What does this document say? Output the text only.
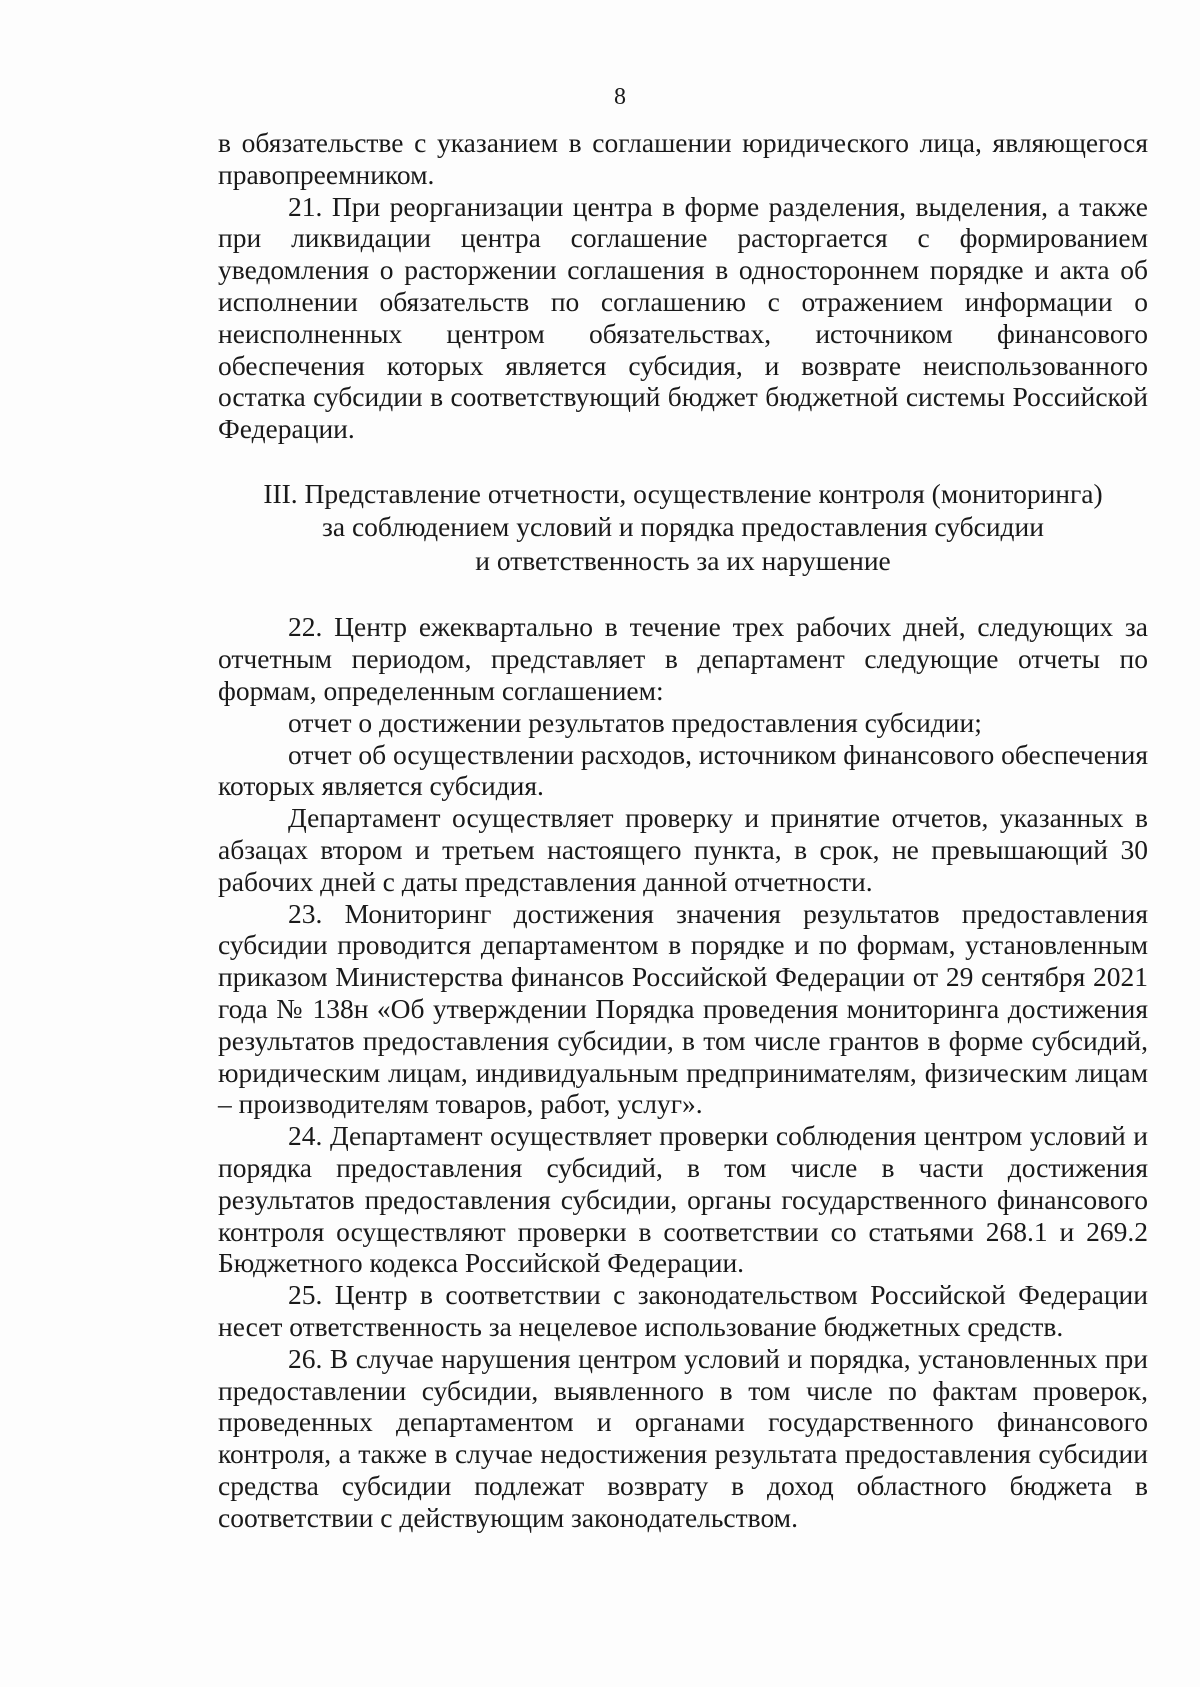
8

в обязательстве с указанием в соглашении юридического лица, являющегося правопреемником.

21. При реорганизации центра в форме разделения, выделения, а также при ликвидации центра соглашение расторгается с формированием уведомления о расторжении соглашения в одностороннем порядке и акта об исполнении обязательств по соглашению с отражением информации о неисполненных центром обязательствах, источником финансового обеспечения которых является субсидия, и возврате неиспользованного остатка субсидии в соответствующий бюджет бюджетной системы Российской Федерации.

III. Представление отчетности, осуществление контроля (мониторинга)
за соблюдением условий и порядка предоставления субсидии
и ответственность за их нарушение

22. Центр ежеквартально в течение трех рабочих дней, следующих за отчетным периодом, представляет в департамент следующие отчеты по формам, определенным соглашением:

отчет о достижении результатов предоставления субсидии;

отчет об осуществлении расходов, источником финансового обеспечения которых является субсидия.

Департамент осуществляет проверку и принятие отчетов, указанных в абзацах втором и третьем настоящего пункта, в срок, не превышающий 30 рабочих дней с даты представления данной отчетности.

23. Мониторинг достижения значения результатов предоставления субсидии проводится департаментом в порядке и по формам, установленным приказом Министерства финансов Российской Федерации от 29 сентября 2021 года № 138н «Об утверждении Порядка проведения мониторинга достижения результатов предоставления субсидии, в том числе грантов в форме субсидий, юридическим лицам, индивидуальным предпринимателям, физическим лицам – производителям товаров, работ, услуг».

24. Департамент осуществляет проверки соблюдения центром условий и порядка предоставления субсидий, в том числе в части достижения результатов предоставления субсидии, органы государственного финансового контроля осуществляют проверки в соответствии со статьями 268.1 и 269.2 Бюджетного кодекса Российской Федерации.

25. Центр в соответствии с законодательством Российской Федерации несет ответственность за нецелевое использование бюджетных средств.

26. В случае нарушения центром условий и порядка, установленных при предоставлении субсидии, выявленного в том числе по фактам проверок, проведенных департаментом и органами государственного финансового контроля, а также в случае недостижения результата предоставления субсидии средства субсидии подлежат возврату в доход областного бюджета в соответствии с действующим законодательством.
